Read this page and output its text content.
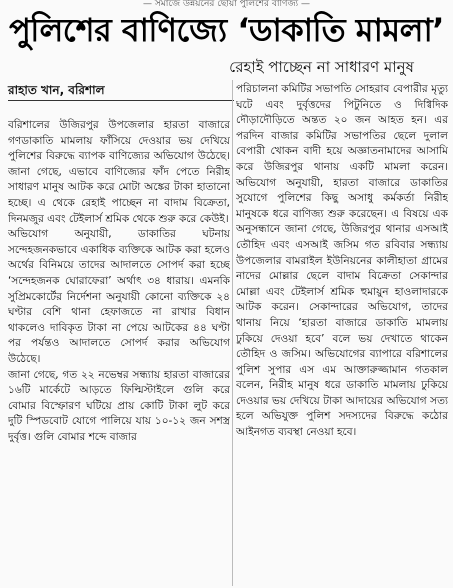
— সমাজে উন্নয়নের ছোঁয়া পুলিশের বাণিজ্য —
পুলিশের বাণিজ্যে ‘ডাকাতি মামলা’
রেহাই পাচ্ছেন না সাধারণ মানুষ
রাহাত খান, বরিশাল

বরিশালের উজিরপুর উপজেলার হারতা বাজারে গণডাকাতি মামলায় ফাঁসিয়ে দেওয়ার ভয় দেখিয়ে পুলিশের বিরুদ্ধে ব্যাপক বাণিজ্যের অভিযোগ উঠেছে। জানা গেছে, এভাবে বাণিজ্যের ফাঁদ পেতে নিরীহ সাধারণ মানুষ আটক করে মোটা অঙ্কের টাকা হাতানো হচ্ছে। এ থেকে রেহাই পাচ্ছেন না বাদাম বিক্রেতা, দিনমজুর এবং টেইলার্স শ্রমিক থেকে শুরু করে কেউই।

অভিযোগ অনুযায়ী, ডাকাতির ঘটনায় সন্দেহজনকভাবে একাধিক ব্যক্তিকে আটক করা হলেও অর্থের বিনিময়ে তাদের আদালতে সোপর্দ করা হচ্ছে ‘সন্দেহজনক ঘোরাফেরা’ অর্থাৎ ৩৪ ধারায়। এমনকি সুপ্রিমকোর্টের নির্দেশনা অনুযায়ী কোনো ব্যক্তিকে ২৪ ঘণ্টার বেশি থানা হেফাজতে না রাখার বিধান থাকলেও দাবিকৃত টাকা না পেয়ে আটকের ৪৪ ঘণ্টা পর পর্যন্তও আদালতে সোপর্দ করার অভিযোগ উঠেছে।

জানা গেছে, গত ২২ নভেম্বর সন্ধ্যায় হারতা বাজারের ১৬টি মার্কেটে আড়তে ফিল্মিস্টাইলে গুলি করে বোমার বিস্ফোরণ ঘটিয়ে প্রায় কোটি টাকা লুট করে দুটি স্পিডবোট যোগে পালিয়ে যায় ১০-১২ জন সশস্ত্র দুর্বৃত্ত। গুলি বোমার শব্দে বাজার

পরিচালনা কমিটির সভাপতি সোহরাব বেপারীর মৃত্যু ঘটে এবং দুর্বৃত্তদের পিটুনিতে ও দিগ্বিদিক দৌড়াদৌড়িতে অন্তত ২০ জন আহত হন। এর পরদিন বাজার কমিটির সভাপতির ছেলে দুলাল বেপারী খোকন বাদী হয়ে অজ্ঞাতনামাদের আসামি করে উজিরপুর থানায় একটি মামলা করেন। অভিযোগ অনুযায়ী, হারতা বাজারে ডাকাতির সুযোগে পুলিশের কিছু অসাধু কর্মকর্তা নিরীহ মানুষকে ধরে বাণিজ্য শুরু করেছেন। এ বিষয়ে এক অনুসন্ধানে জানা গেছে, উজিরপুর থানার এসআই তৌহিদ এবং এসআই জসিম গত রবিবার সন্ধ্যায় উপজেলার বামরাইল ইউনিয়নের কালীহাতা গ্রামের নাদের মোল্লার ছেলে বাদাম বিক্রেতা সেকান্দার মোল্লা এবং টেইলার্স শ্রমিক হুমায়ুন হাওলাদারকে আটক করেন। সেকান্দারের অভিযোগ, তাদের থানায় নিয়ে ‘হারতা বাজারে ডাকাতি মামলায় ঢুকিয়ে দেওয়া হবে’ বলে ভয় দেখাতে থাকেন তৌহিদ ও জসিম। অভিযোগের ব্যাপারে বরিশালের পুলিশ সুপার এস এম আক্তারুজ্জামান গতকাল বলেন, নিরীহ মানুষ ধরে ডাকাতি মামলায় ঢুকিয়ে দেওয়ার ভয় দেখিয়ে টাকা আদায়ের অভিযোগ সত্য হলে অভিযুক্ত পুলিশ সদস্যদের বিরুদ্ধে কঠোর আইনগত ব্যবস্থা নেওয়া হবে।
